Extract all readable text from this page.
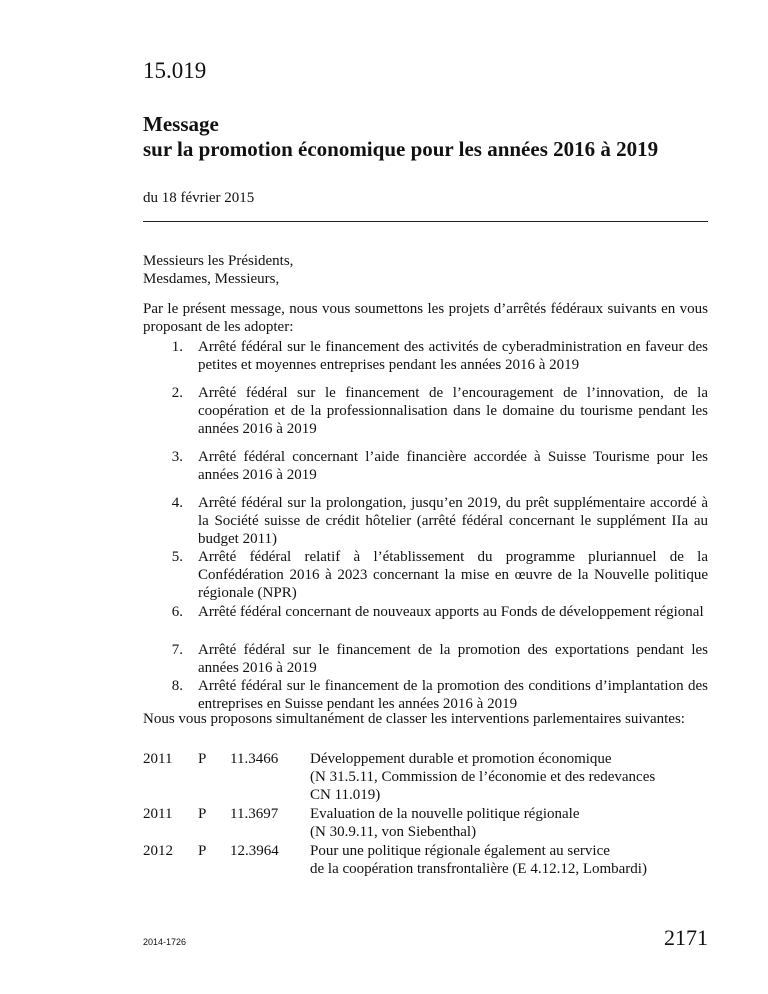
15.019
Message
sur la promotion économique pour les années 2016 à 2019
du 18 février 2015
Messieurs les Présidents,
Mesdames, Messieurs,
Par le présent message, nous vous soumettons les projets d’arrêtés fédéraux suivants en vous proposant de les adopter:
1. Arrêté fédéral sur le financement des activités de cyberadministration en faveur des petites et moyennes entreprises pendant les années 2016 à 2019
2. Arrêté fédéral sur le financement de l’encouragement de l’innovation, de la coopération et de la professionnalisation dans le domaine du tourisme pendant les années 2016 à 2019
3. Arrêté fédéral concernant l’aide financière accordée à Suisse Tourisme pour les années 2016 à 2019
4. Arrêté fédéral sur la prolongation, jusqu’en 2019, du prêt supplémentaire accordé à la Société suisse de crédit hôtelier (arrêté fédéral concernant le supplément IIa au budget 2011)
5. Arrêté fédéral relatif à l’établissement du programme pluriannuel de la Confédération 2016 à 2023 concernant la mise en œuvre de la Nouvelle politique régionale (NPR)
6. Arrêté fédéral concernant de nouveaux apports au Fonds de développement régional
7. Arrêté fédéral sur le financement de la promotion des exportations pendant les années 2016 à 2019
8. Arrêté fédéral sur le financement de la promotion des conditions d’implantation des entreprises en Suisse pendant les années 2016 à 2019
Nous vous proposons simultanément de classer les interventions parlementaires suivantes:
2011 P 11.3466 Développement durable et promotion économique
(N 31.5.11, Commission de l’économie et des redevances
CN 11.019)
2011 P 11.3697 Evaluation de la nouvelle politique régionale
(N 30.9.11, von Siebenthal)
2012 P 12.3964 Pour une politique régionale également au service
de la coopération transfrontalière (E 4.12.12, Lombardi)
2014-1726	2171
